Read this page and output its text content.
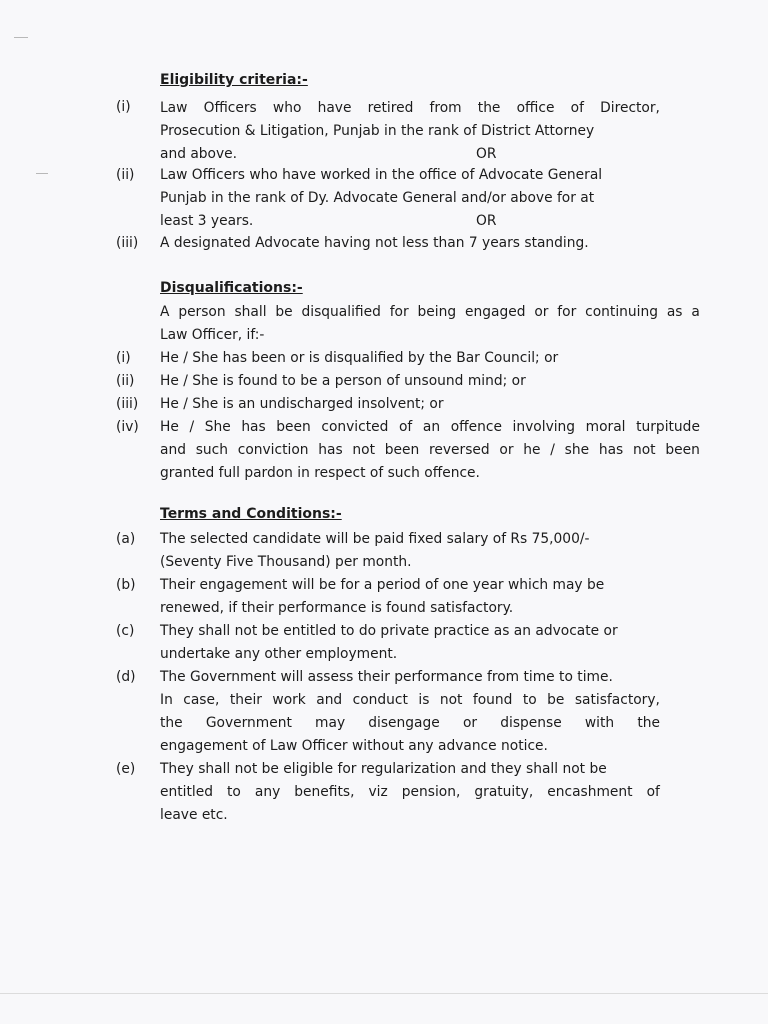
Eligibility criteria:-
(i) Law Officers who have retired from the office of Director,
Prosecution & Litigation, Punjab in the rank of District Attorney
and above.	OR
(ii) Law Officers who have worked in the office of Advocate General
Punjab in the rank of Dy. Advocate General and/or above for at
least 3 years.	OR
(iii) A designated Advocate having not less than 7 years standing.
Disqualifications:-
A person shall be disqualified for being engaged or for continuing as a
Law Officer, if:-
(i) He / She has been or is disqualified by the Bar Council; or
(ii) He / She is found to be a person of unsound mind; or
(iii) He / She is an undischarged insolvent; or
(iv) He / She has been convicted of an offence involving moral turpitude
and such conviction has not been reversed or he / she has not been
granted full pardon in respect of such offence.
Terms and Conditions:-
(a) The selected candidate will be paid fixed salary of Rs 75,000/-
(Seventy Five Thousand) per month.
(b) Their engagement will be for a period of one year which may be
renewed, if their performance is found satisfactory.
(c) They shall not be entitled to do private practice as an advocate or
undertake any other employment.
(d) The Government will assess their performance from time to time.
In case, their work and conduct is not found to be satisfactory,
the Government may disengage or dispense with the
engagement of Law Officer without any advance notice.
(e) They shall not be eligible for regularization and they shall not be
entitled to any benefits, viz pension, gratuity, encashment of
leave etc.
